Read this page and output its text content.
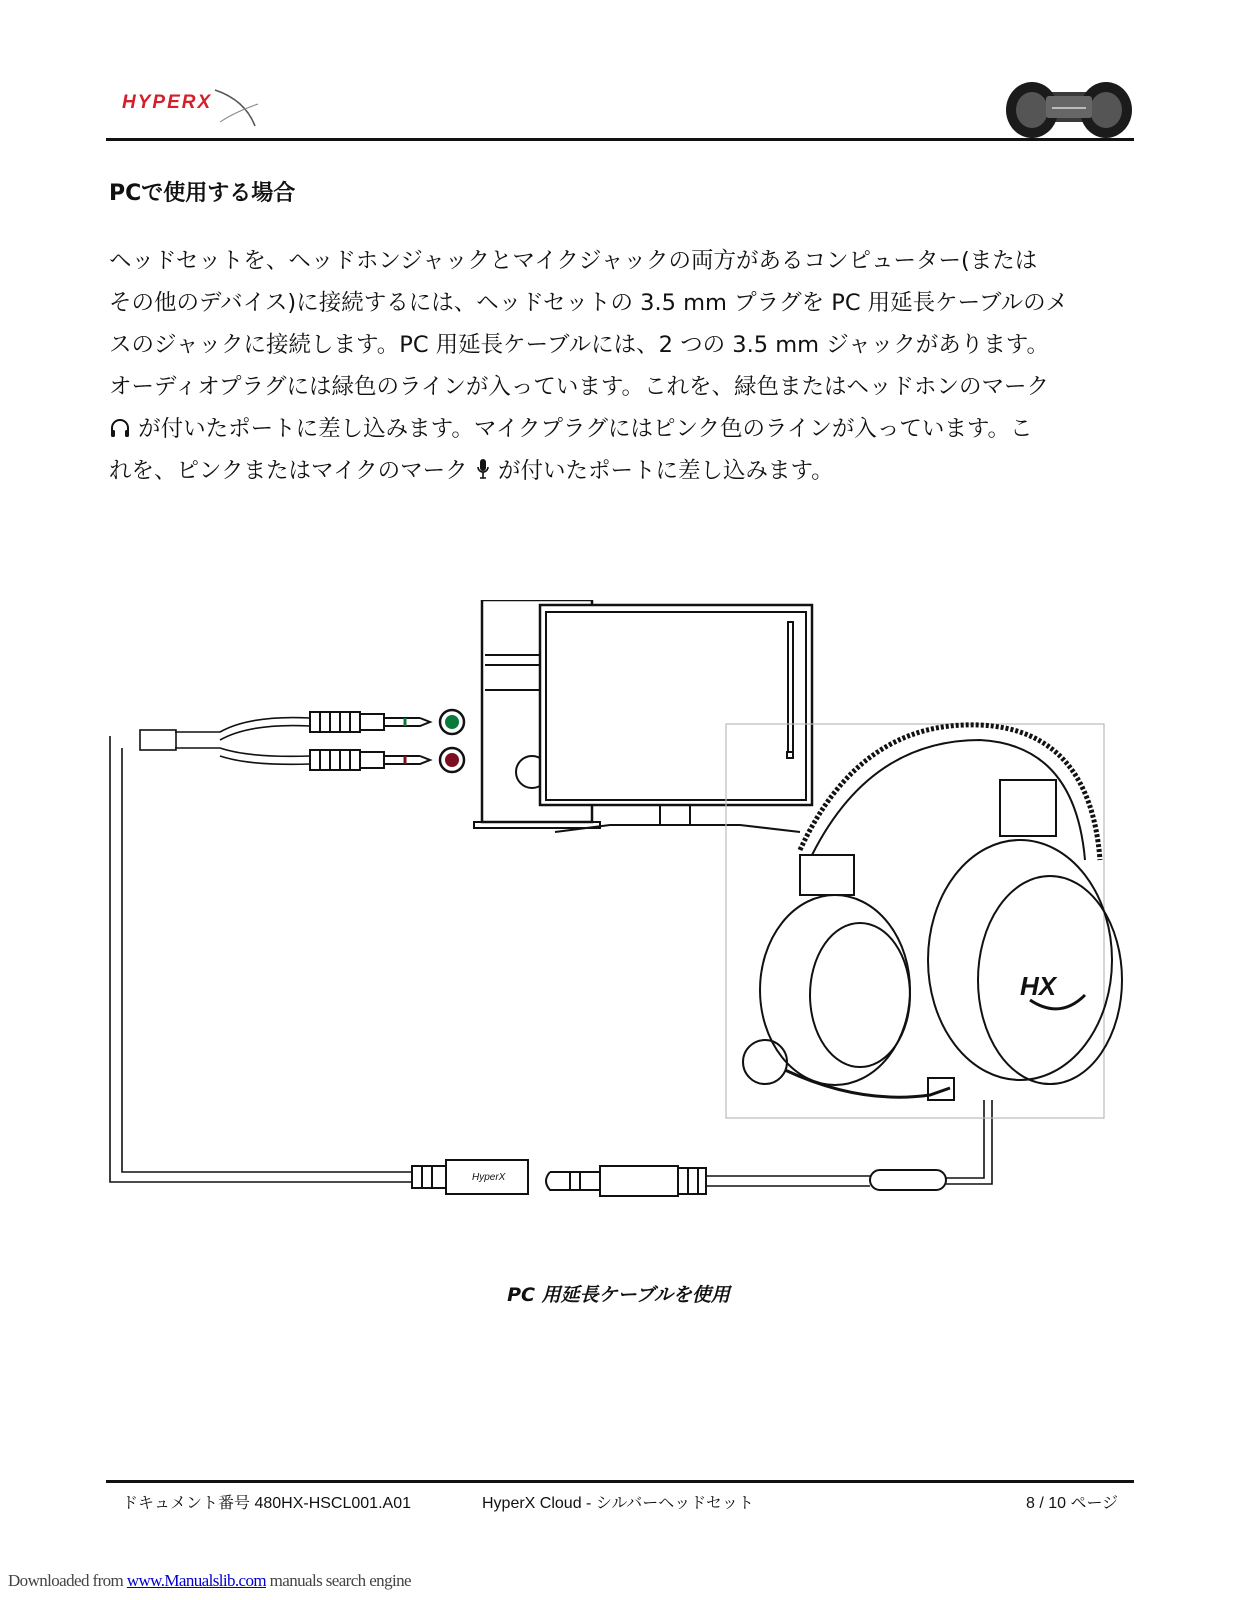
HYPERX
PCで使用する場合
ヘッドセットを、ヘッドホンジャックとマイクジャックの両方があるコンピューター(または
その他のデバイス)に接続するには、ヘッドセットの 3.5 mm プラグを PC 用延長ケーブルのメ
スのジャックに接続します。PC 用延長ケーブルには、2 つの 3.5 mm ジャックがあります。
オーディオプラグには緑色のラインが入っています。これを、緑色またはヘッドホンのマーク
が付いたポートに差し込みます。マイクプラグにはピンク色のラインが入っています。こ
れを、ピンクまたはマイクのマーク が付いたポートに差し込みます。
HyperX
HX
PC 用延長ケーブルを使用
ドキュメント番号 480HX-HSCL001.A01	HyperX Cloud - シルバーヘッドセット	8 / 10 ページ
Downloaded from www.Manualslib.com manuals search engine
